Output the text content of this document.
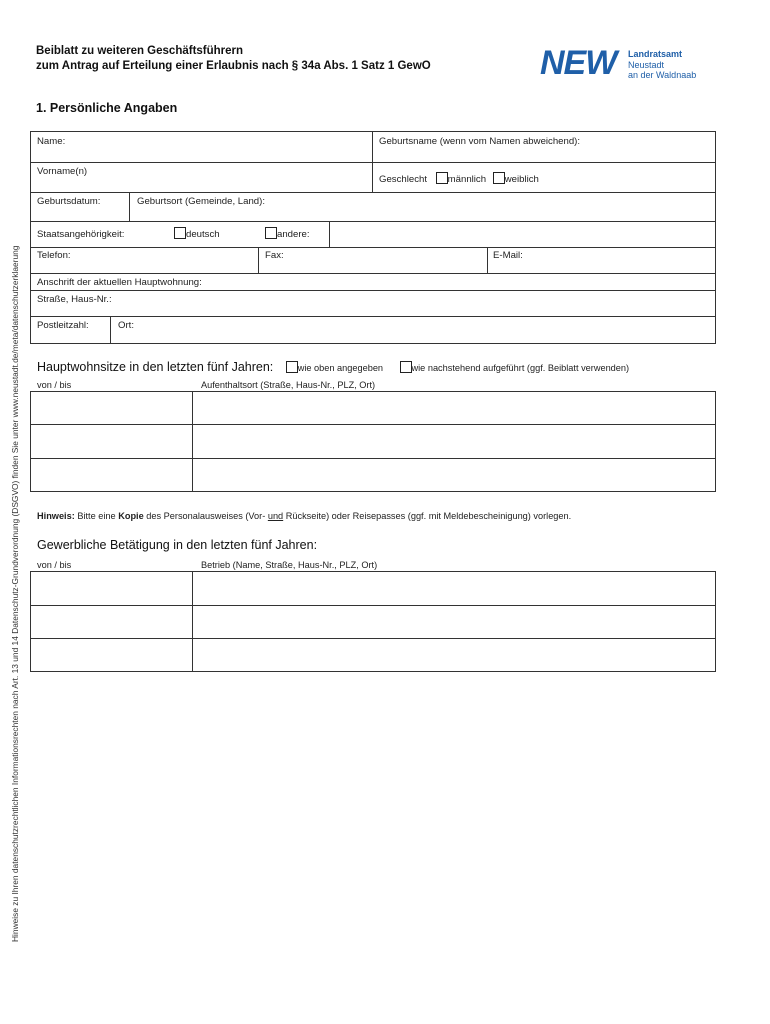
Hinweise zu Ihren datenschutzrechtlichen Informationsrechten nach Art. 13 und 14 Datenschutz-Grundverordnung (DSGVO) finden Sie unter www.neustadt.de/meta/datenschutzerklaerung
Beiblatt zu weiteren Geschäftsführern
zum Antrag auf Erteilung einer Erlaubnis nach § 34a Abs. 1 Satz 1 GewO	NEW Landratsamt
Neustadt
an der Waldnaab
1. Persönliche Angaben
Name:	Geburtsname (wenn vom Namen abweichend):
Vorname(n)
Geschlecht männlich weiblich
Geburtsdatum:	Geburtsort (Gemeinde, Land):
Staatsangehörigkeit:	deutsch	andere:
Telefon:	Fax:	E-Mail:
Anschrift der aktuellen Hauptwohnung:
Straße, Haus-Nr.:
Postleitzahl:	Ort:
Hauptwohnsitze in den letzten fünf Jahren:	wie oben angegeben	wie nachstehend aufgeführt (ggf. Beiblatt verwenden)
von / bis	Aufenthaltsort (Straße, Haus-Nr., PLZ, Ort)
Hinweis: Bitte eine Kopie des Personalausweises (Vor- und Rückseite) oder Reisepasses (ggf. mit Meldebescheinigung) vorlegen.
Gewerbliche Betätigung in den letzten fünf Jahren:
von / bis	Betrieb (Name, Straße, Haus-Nr., PLZ, Ort)
